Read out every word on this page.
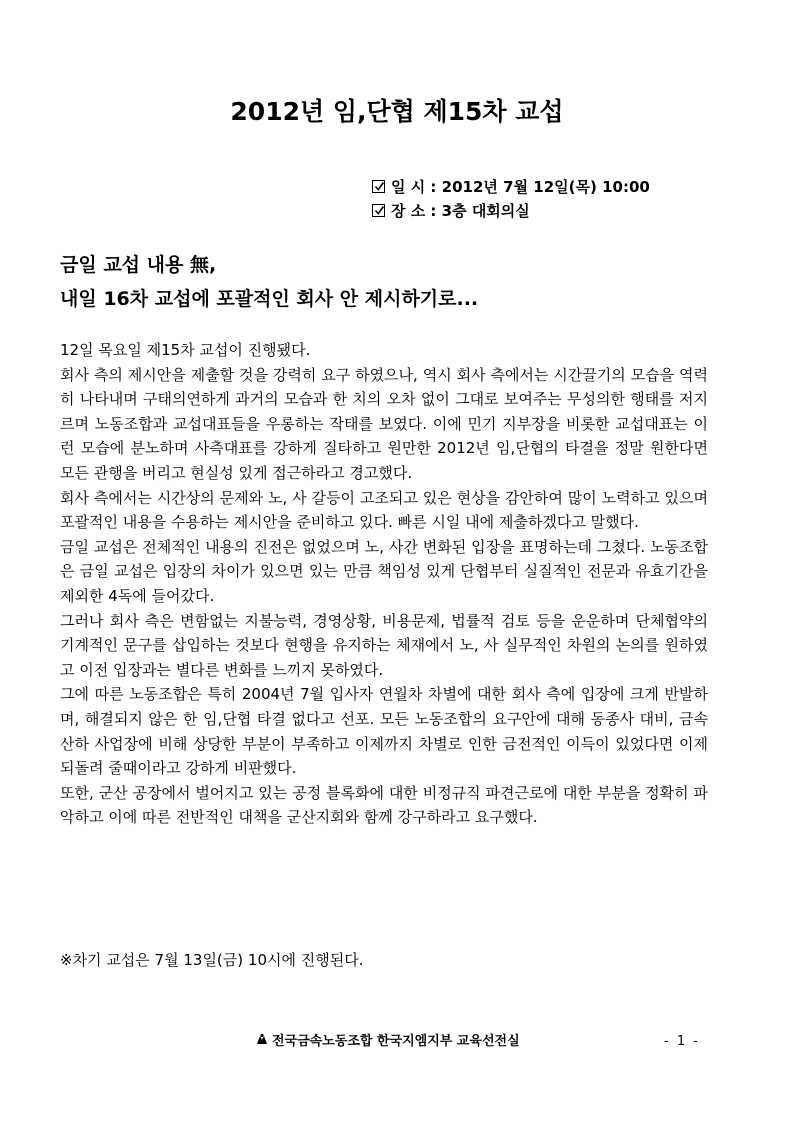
2012년 임,단협 제15차 교섭
일 시 : 2012년 7월 12일(목) 10:00
장 소 : 3층 대회의실
금일 교섭 내용 無,
내일 16차 교섭에 포괄적인 회사 안 제시하기로...

12일 목요일 제15차 교섭이 진행됐다.

회사 측의 제시안을 제출할 것을 강력히 요구 하였으나, 역시 회사 측에서는 시간끌기의 모습을 역력히 나타내며 구태의연하게 과거의 모습과 한 치의 오차 없이 그대로 보여주는 무성의한 행태를 저지르며 노동조합과 교섭대표들을 우롱하는 작태를 보였다. 이에 민기 지부장을 비롯한 교섭대표는 이런 모습에 분노하며 사측대표를 강하게 질타하고 원만한 2012년 임,단협의 타결을 정말 원한다면 모든 관행을 버리고 현실성 있게 접근하라고 경고했다.

회사 측에서는 시간상의 문제와 노, 사 갈등이 고조되고 있은 현상을 감안하여 많이 노력하고 있으며 포괄적인 내용을 수용하는 제시안을 준비하고 있다. 빠른 시일 내에 제출하겠다고 말했다.

금일 교섭은 전체적인 내용의 진전은 없었으며 노, 사간 변화된 입장을 표명하는데 그쳤다. 노동조합은 금일 교섭은 입장의 차이가 있으면 있는 만큼 책임성 있게 단협부터 실질적인 전문과 유효기간을 제외한 4독에 들어갔다.

그러나 회사 측은 변함없는 지불능력, 경영상황, 비용문제, 법률적 검토 등을 운운하며 단체협약의 기계적인 문구를 삽입하는 것보다 현행을 유지하는 체재에서 노, 사 실무적인 차원의 논의를 원하였고 이전 입장과는 별다른 변화를 느끼지 못하였다.

그에 따른 노동조합은 특히 2004년 7월 입사자 연월차 차별에 대한 회사 측에 입장에 크게 반발하며, 해결되지 않은 한 임,단협 타결 없다고 선포. 모든 노동조합의 요구안에 대해 동종사 대비, 금속 산하 사업장에 비해 상당한 부분이 부족하고 이제까지 차별로 인한 금전적인 이득이 있었다면 이제 되돌려 줄때이라고 강하게 비판했다.

또한, 군산 공장에서 벌어지고 있는 공정 블록화에 대한 비정규직 파견근로에 대한 부분을 정확히 파악하고 이에 따른 전반적인 대책을 군산지회와 함께 강구하라고 요구했다.

※차기 교섭은 7월 13일(금) 10시에 진행된다.
전국금속노동조합 한국지엠지부 교육선전실	- 1 -
